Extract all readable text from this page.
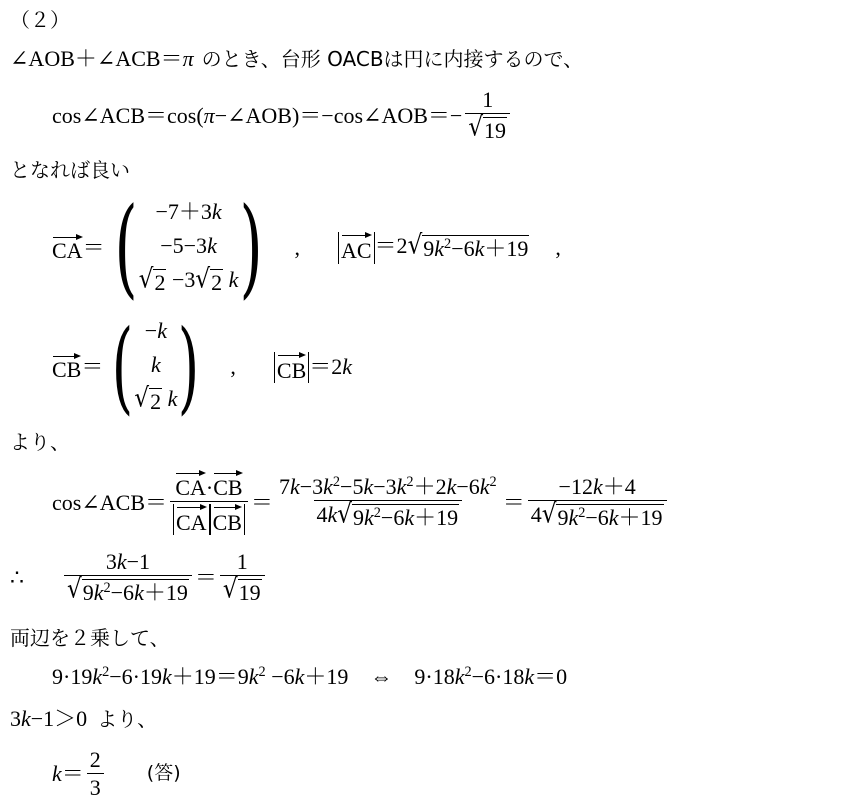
（２）
∠AOB＋∠ACB＝π のとき、台形 OACBは円に内接するので、
cos∠ACB＝cos(π−∠AOB)＝−cos∠AOB＝− $\frac{1}{√ 19}$
となれば良い
CA ＝ ( −7＋3k
−5−3k
√ 2 −3 √ 2 k ) , AC ＝2 √ $9k^2-6k+19$ ,
CB ＝ ( −k
k
√ 2 k ) , CB ＝2k
より、
cos∠ACB＝ $\frac{CA\cdot CB}{\text{CA CB}} = \frac{7k-3k^2-5k-3k^2+2k-6k^2}{4k √ 9k^2-6k+19} = \frac{-12k+4}{4 √ 9k^2-6k+19}$
∴ $\frac{3k-1}{√ 9k^2-6k+19} = \frac{1}{√ 19}$
両辺を２乗して、
$9\cdot 19k^2-6\cdot 19k+19=9k^2 -6k+19$ ⇔ $9\cdot 18k^2-6\cdot 18k=0$
3k−1＞0 より、
$k= \frac{2}{3}$ (答)
